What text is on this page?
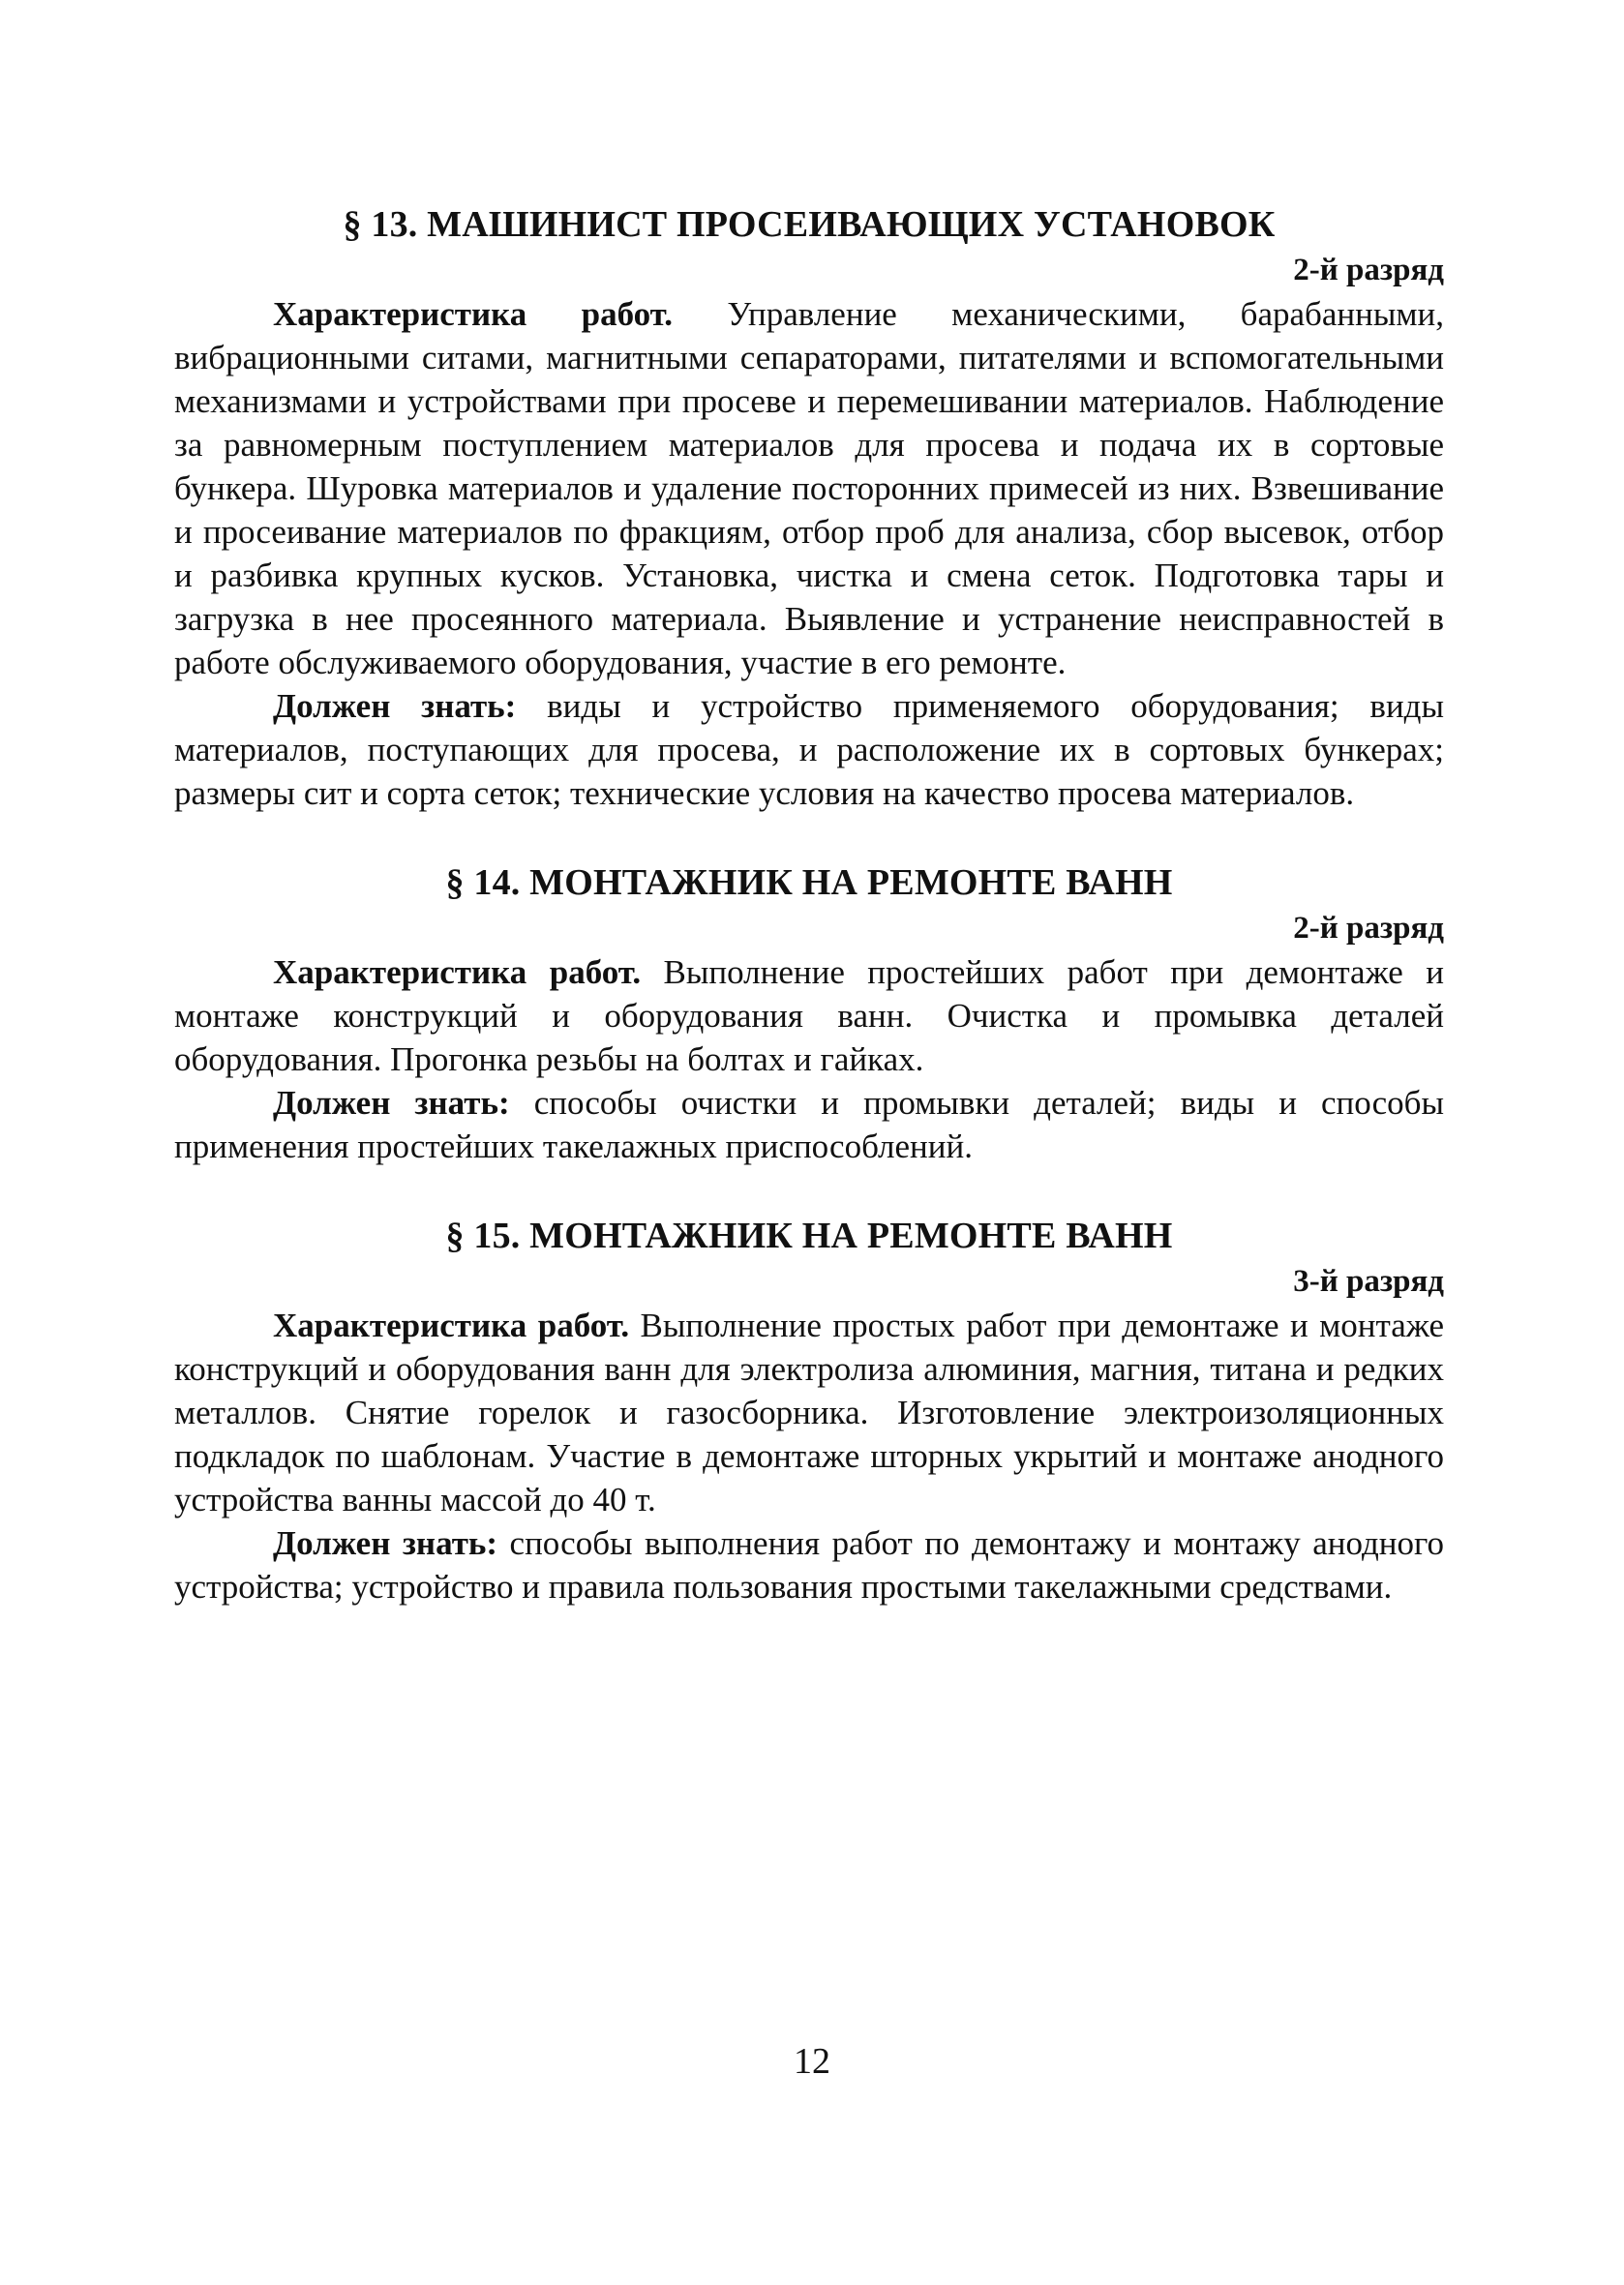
§ 13. МАШИНИСТ ПРОСЕИВАЮЩИХ УСТАНОВОК

2-й разряд

Характеристика работ. Управление механическими, барабанными, вибрационными ситами, магнитными сепараторами, питателями и вспомогательными механизмами и устройствами при просеве и перемешивании материалов. Наблюдение за равномерным поступлением материалов для просева и подача их в сортовые бункера. Шуровка материалов и удаление посторонних примесей из них. Взвешивание и просеивание материалов по фракциям, отбор проб для анализа, сбор высевок, отбор и разбивка крупных кусков. Установка, чистка и смена сеток. Подготовка тары и загрузка в нее просеянного материала. Выявление и устранение неисправностей в работе обслуживаемого оборудования, участие в его ремонте.

Должен знать: виды и устройство применяемого оборудования; виды материалов, поступающих для просева, и расположение их в сортовых бункерах; размеры сит и сорта сеток; технические условия на качество просева материалов.

§ 14. МОНТАЖНИК НА РЕМОНТЕ ВАНН

2-й разряд

Характеристика работ. Выполнение простейших работ при демонтаже и монтаже конструкций и оборудования ванн. Очистка и промывка деталей оборудования. Прогонка резьбы на болтах и гайках.

Должен знать: способы очистки и промывки деталей; виды и способы применения простейших такелажных приспособлений.

§ 15. МОНТАЖНИК НА РЕМОНТЕ ВАНН

3-й разряд

Характеристика работ. Выполнение простых работ при демонтаже и монтаже конструкций и оборудования ванн для электролиза алюминия, магния, титана и редких металлов. Снятие горелок и газосборника. Изготовление электроизоляционных подкладок по шаблонам. Участие в демонтаже шторных укрытий и монтаже анодного устройства ванны массой до 40 т.

Должен знать: способы выполнения работ по демонтажу и монтажу анодного устройства; устройство и правила пользования простыми такелажными средствами.

12
